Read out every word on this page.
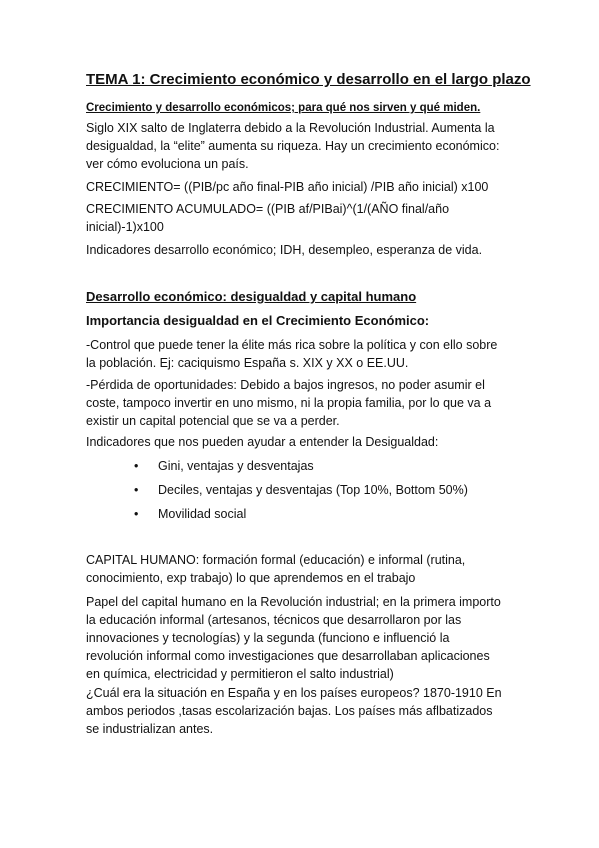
TEMA 1: Crecimiento económico y desarrollo en el largo plazo

Crecimiento y desarrollo económicos; para qué nos sirven y qué miden.

Siglo XIX salto de Inglaterra debido a la Revolución Industrial. Aumenta la desigualdad, la “elite” aumenta su riqueza. Hay un crecimiento económico: ver cómo evoluciona un país.

CRECIMIENTO= ((PIB/pc año final-PIB año inicial) /PIB año inicial) x100

CRECIMIENTO ACUMULADO= ((PIB af/PIBai)^(1/(AÑO final/año inicial)-1)x100

Indicadores desarrollo económico; IDH, desempleo, esperanza de vida.

Desarrollo económico: desigualdad y capital humano
Importancia desigualdad en el Crecimiento Económico:

-Control que puede tener la élite más rica sobre la política y con ello sobre la población. Ej: caciquismo España s. XIX y XX o EE.UU.

-Pérdida de oportunidades: Debido a bajos ingresos, no poder asumir el coste, tampoco invertir en uno mismo, ni la propia familia, por lo que va a existir un capital potencial que se va a perder.

Indicadores que nos pueden ayudar a entender la Desigualdad:

• Gini, ventajas y desventajas
• Deciles, ventajas y desventajas (Top 10%, Bottom 50%)
• Movilidad social

CAPITAL HUMANO: formación formal (educación) e informal (rutina, conocimiento, exp trabajo) lo que aprendemos en el trabajo

Papel del capital humano en la Revolución industrial; en la primera importo la educación informal (artesanos, técnicos que desarrollaron por las innovaciones y tecnologías) y la segunda (funciono e influenció la revolución informal como investigaciones que desarrollaban aplicaciones en química, electricidad y permitieron el salto industrial)

¿Cuál era la situación en España y en los países europeos? 1870-1910 En ambos periodos ,tasas escolarización bajas. Los países más aflbatizados se industrializan antes.
